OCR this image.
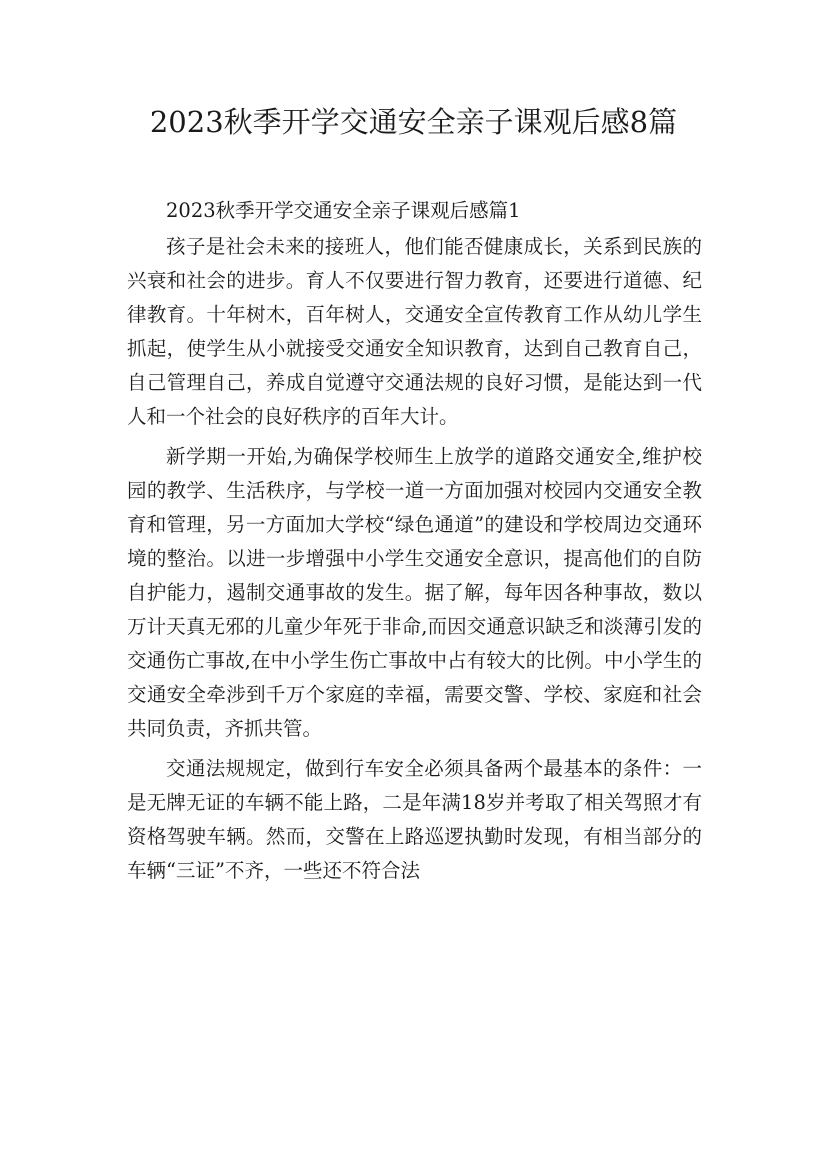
2023秋季开学交通安全亲子课观后感8篇

2023秋季开学交通安全亲子课观后感篇1

孩子是社会未来的接班人，他们能否健康成长，关系到民族的兴衰和社会的进步。育人不仅要进行智力教育，还要进行道德、纪律教育。十年树木，百年树人，交通安全宣传教育工作从幼儿学生抓起，使学生从小就接受交通安全知识教育，达到自己教育自己，自己管理自己，养成自觉遵守交通法规的良好习惯，是能达到一代人和一个社会的良好秩序的百年大计。

新学期一开始,为确保学校师生上放学的道路交通安全,维护校园的教学、生活秩序，与学校一道一方面加强对校园内交通安全教育和管理，另一方面加大学校“绿色通道”的建设和学校周边交通环境的整治。以进一步增强中小学生交通安全意识，提高他们的自防自护能力，遏制交通事故的发生。据了解，每年因各种事故，数以万计天真无邪的儿童少年死于非命,而因交通意识缺乏和淡薄引发的交通伤亡事故,在中小学生伤亡事故中占有较大的比例。中小学生的交通安全牵涉到千万个家庭的幸福，需要交警、学校、家庭和社会共同负责，齐抓共管。

交通法规规定，做到行车安全必须具备两个最基本的条件：一是无牌无证的车辆不能上路，二是年满18岁并考取了相关驾照才有资格驾驶车辆。然而，交警在上路巡逻执勤时发现，有相当部分的车辆“三证”不齐，一些还不符合法
